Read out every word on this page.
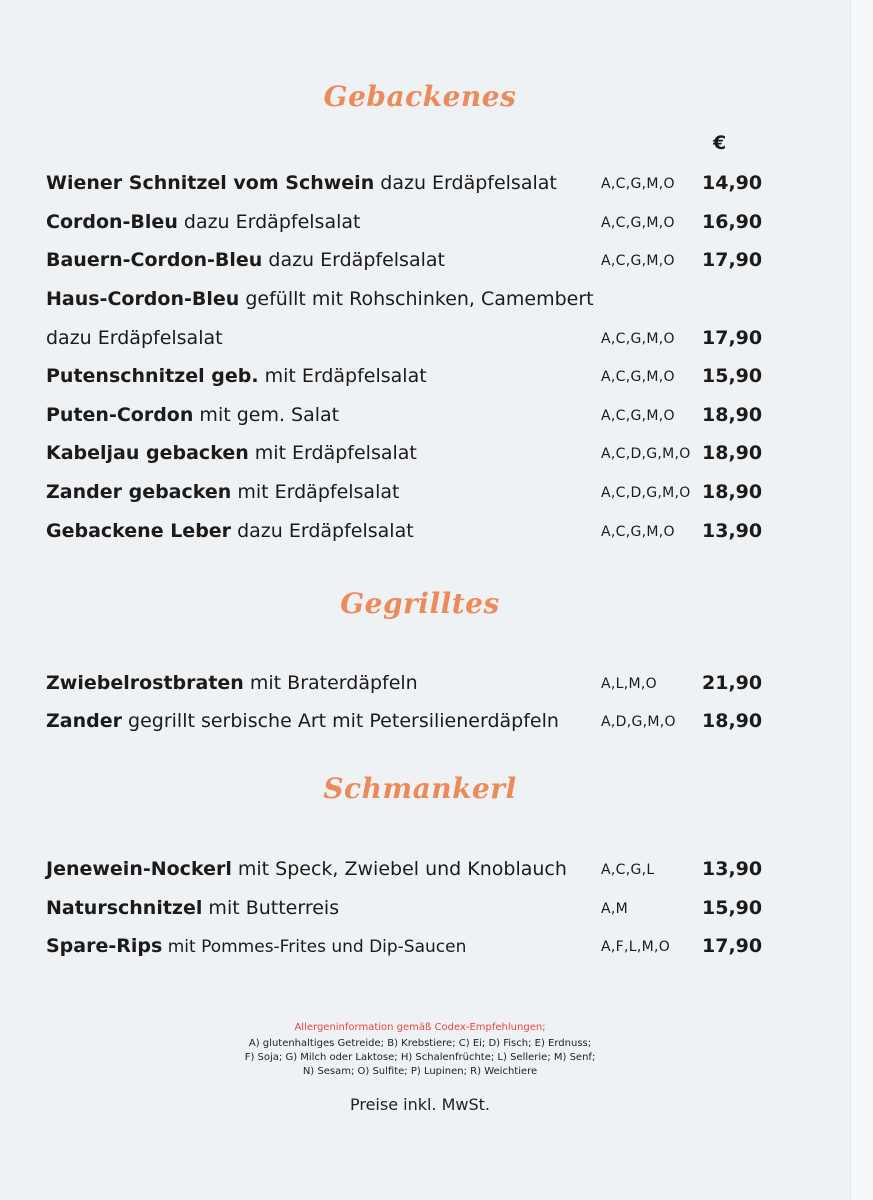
Gebackenes
€
Wiener Schnitzel vom Schwein dazu Erdäpfelsalat	A,C,G,M,O 14,90
Cordon-Bleu dazu Erdäpfelsalat	A,C,G,M,O 16,90
Bauern-Cordon-Bleu dazu Erdäpfelsalat	A,C,G,M,O 17,90
Haus-Cordon-Bleu gefüllt mit Rohschinken, Camembert
dazu Erdäpfelsalat	A,C,G,M,O 17,90
Putenschnitzel geb. mit Erdäpfelsalat	A,C,G,M,O 15,90
Puten-Cordon mit gem. Salat	A,C,G,M,O 18,90
Kabeljau gebacken mit Erdäpfelsalat	A,C,D,G,M,O 18,90
Zander gebacken mit Erdäpfelsalat	A,C,D,G,M,O 18,90
Gebackene Leber dazu Erdäpfelsalat	A,C,G,M,O 13,90
Gegrilltes
Zwiebelrostbraten mit Braterdäpfeln	A,L,M,O 21,90
Zander gegrillt serbische Art mit Petersilienerdäpfeln	A,D,G,M,O 18,90
Schmankerl
Jenewein-Nockerl mit Speck, Zwiebel und Knoblauch A,C,G,L	13,90
Naturschnitzel mit Butterreis	A,M	15,90
Spare-Rips mit Pommes-Frites und Dip-Saucen	A,F,L,M,O 17,90
Allergeninformation gemäß Codex-Empfehlungen;
A) glutenhaltiges Getreide; B) Krebstiere; C) Ei; D) Fisch; E) Erdnuss;
F) Soja; G) Milch oder Laktose; H) Schalenfrüchte; L) Sellerie; M) Senf;
N) Sesam; O) Sulfite; P) Lupinen; R) Weichtiere
Preise inkl. MwSt.
